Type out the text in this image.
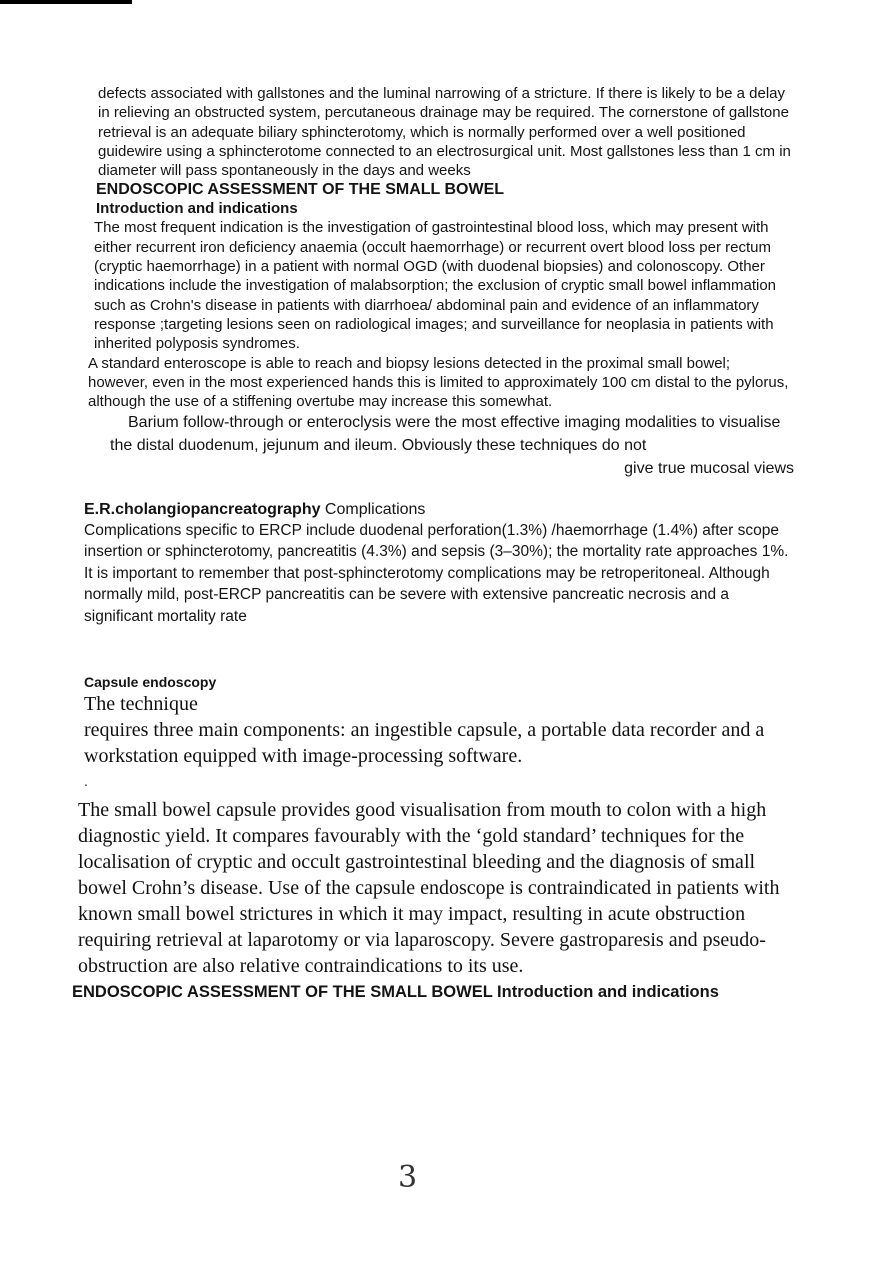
defects associated with gallstones and the luminal narrowing of a stricture. If there is likely to be a delay in relieving an obstructed system, percutaneous drainage may be required. The cornerstone of gallstone retrieval is an adequate biliary sphincterotomy, which is normally performed over a well positioned guidewire using a sphincterotome connected to an electrosurgical unit. Most gallstones less than 1 cm in diameter will pass spontaneously in the days and weeks

ENDOSCOPIC ASSESSMENT OF THE SMALL BOWEL

Introduction and indications

The most frequent indication is the investigation of gastrointestinal blood loss, which may present with either recurrent iron deficiency anaemia (occult haemorrhage) or recurrent overt blood loss per rectum (cryptic haemorrhage) in a patient with normal OGD (with duodenal biopsies) and colonoscopy. Other indications include the investigation of malabsorption; the exclusion of cryptic small bowel inflammation such as Crohn's disease in patients with diarrhoea/ abdominal pain and evidence of an inflammatory response ;targeting lesions seen on radiological images; and surveillance for neoplasia in patients with inherited polyposis syndromes.

A standard enteroscope is able to reach and biopsy lesions detected in the proximal small bowel; however, even in the most experienced hands this is limited to approximately 100 cm distal to the pylorus, although the use of a stiffening overtube may increase this somewhat.

Barium follow-through or enteroclysis were the most effective imaging modalities to visualise the distal duodenum, jejunum and ileum. Obviously these techniques do not

give true mucosal views

E.R.cholangiopancreatography Complications

Complications specific to ERCP include duodenal perforation(1.3%) /haemorrhage (1.4%) after scope insertion or sphincterotomy, pancreatitis (4.3%) and sepsis (3–30%); the mortality rate approaches 1%. It is important to remember that post-sphincterotomy complications may be retroperitoneal. Although normally mild, post-ERCP pancreatitis can be severe with extensive pancreatic necrosis and a significant mortality rate

Capsule endoscopy

The technique

requires three main components: an ingestible capsule, a portable data recorder and a workstation equipped with image-processing software.

.

The small bowel capsule provides good visualisation from mouth to colon with a high diagnostic yield. It compares favourably with the ‘gold standard’ techniques for the localisation of cryptic and occult gastrointestinal bleeding and the diagnosis of small bowel Crohn’s disease. Use of the capsule endoscope is contraindicated in patients with known small bowel strictures in which it may impact, resulting in acute obstruction requiring retrieval at laparotomy or via laparoscopy. Severe gastroparesis and pseudo-obstruction are also relative contraindications to its use.

ENDOSCOPIC ASSESSMENT OF THE SMALL BOWEL Introduction and indications

3
